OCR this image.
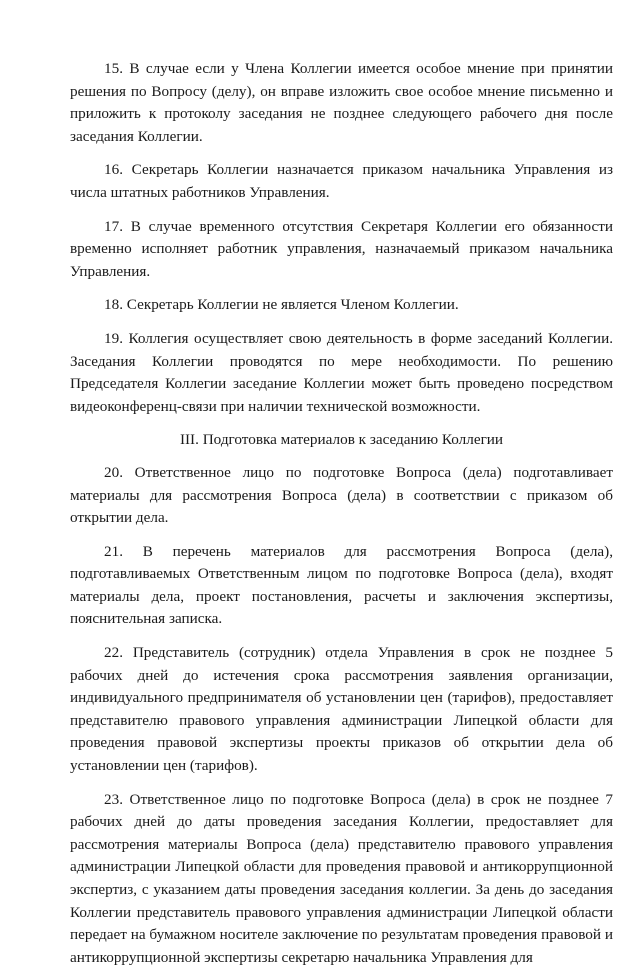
15. В случае если у Члена Коллегии имеется особое мнение при принятии решения по Вопросу (делу), он вправе изложить свое особое мнение письменно и приложить к протоколу заседания не позднее следующего рабочего дня после заседания Коллегии.

16. Секретарь Коллегии назначается приказом начальника Управления из числа штатных работников Управления.

17. В случае временного отсутствия Секретаря Коллегии его обязанности временно исполняет работник управления, назначаемый приказом начальника Управления.

18. Секретарь Коллегии не является Членом Коллегии.

19. Коллегия осуществляет свою деятельность в форме заседаний Коллегии. Заседания Коллегии проводятся по мере необходимости. По решению Председателя Коллегии заседание Коллегии может быть проведено посредством видеоконференц-связи при наличии технической возможности.

III. Подготовка материалов к заседанию Коллегии

20. Ответственное лицо по подготовке Вопроса (дела) подготавливает материалы для рассмотрения Вопроса (дела) в соответствии с приказом об открытии дела.

21. В перечень материалов для рассмотрения Вопроса (дела), подготавливаемых Ответственным лицом по подготовке Вопроса (дела), входят материалы дела, проект постановления, расчеты и заключения экспертизы, пояснительная записка.

22. Представитель (сотрудник) отдела Управления в срок не позднее 5 рабочих дней до истечения срока рассмотрения заявления организации, индивидуального предпринимателя об установлении цен (тарифов), предоставляет представителю правового управления администрации Липецкой области для проведения правовой экспертизы проекты приказов об открытии дела об установлении цен (тарифов).

23. Ответственное лицо по подготовке Вопроса (дела) в срок не позднее 7 рабочих дней до даты проведения заседания Коллегии, предоставляет для рассмотрения материалы Вопроса (дела) представителю правового управления администрации Липецкой области для проведения правовой и антикоррупционной экспертиз, с указанием даты проведения заседания коллегии. За день до заседания Коллегии представитель правового управления администрации Липецкой области передает на бумажном носителе заключение по результатам проведения правовой и антикоррупционной экспертизы секретарю начальника Управления для
